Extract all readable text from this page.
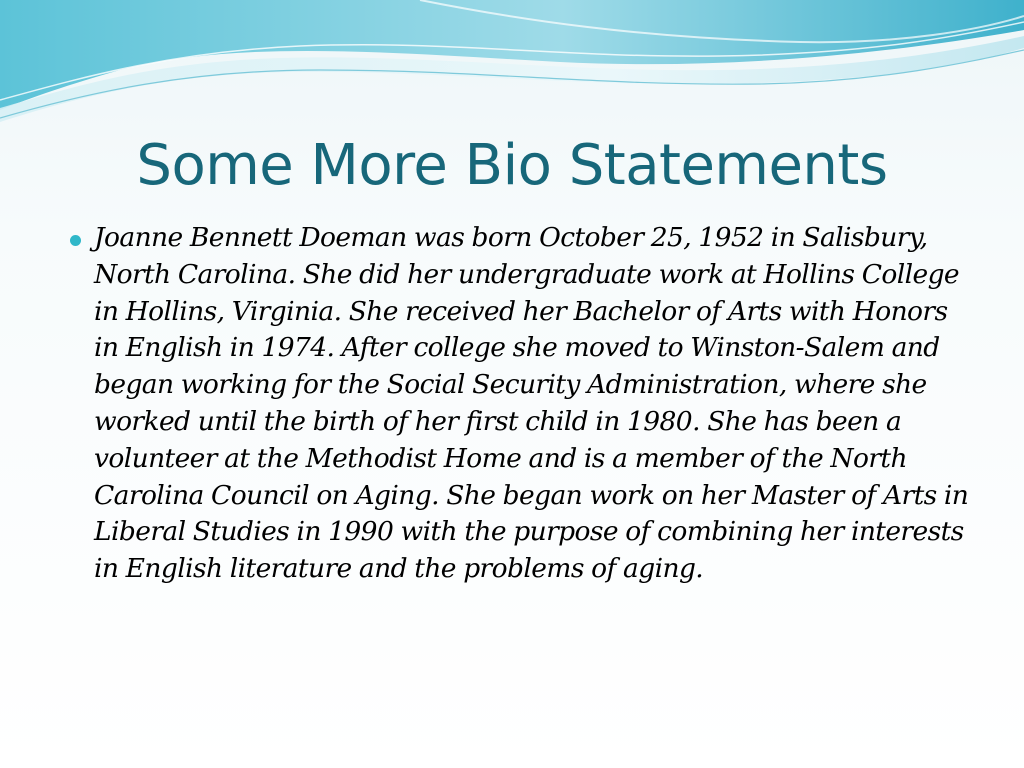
Some More Bio Statements
Joanne Bennett Doeman was born October 25, 1952 in Salisbury, North Carolina. She did her undergraduate work at Hollins College in Hollins, Virginia. She received her Bachelor of Arts with Honors in English in 1974. After college she moved to Winston-Salem and began working for the Social Security Administration, where she worked until the birth of her first child in 1980. She has been a volunteer at the Methodist Home and is a member of the North Carolina Council on Aging. She began work on her Master of Arts in Liberal Studies in 1990 with the purpose of combining her interests in English literature and the problems of aging.
